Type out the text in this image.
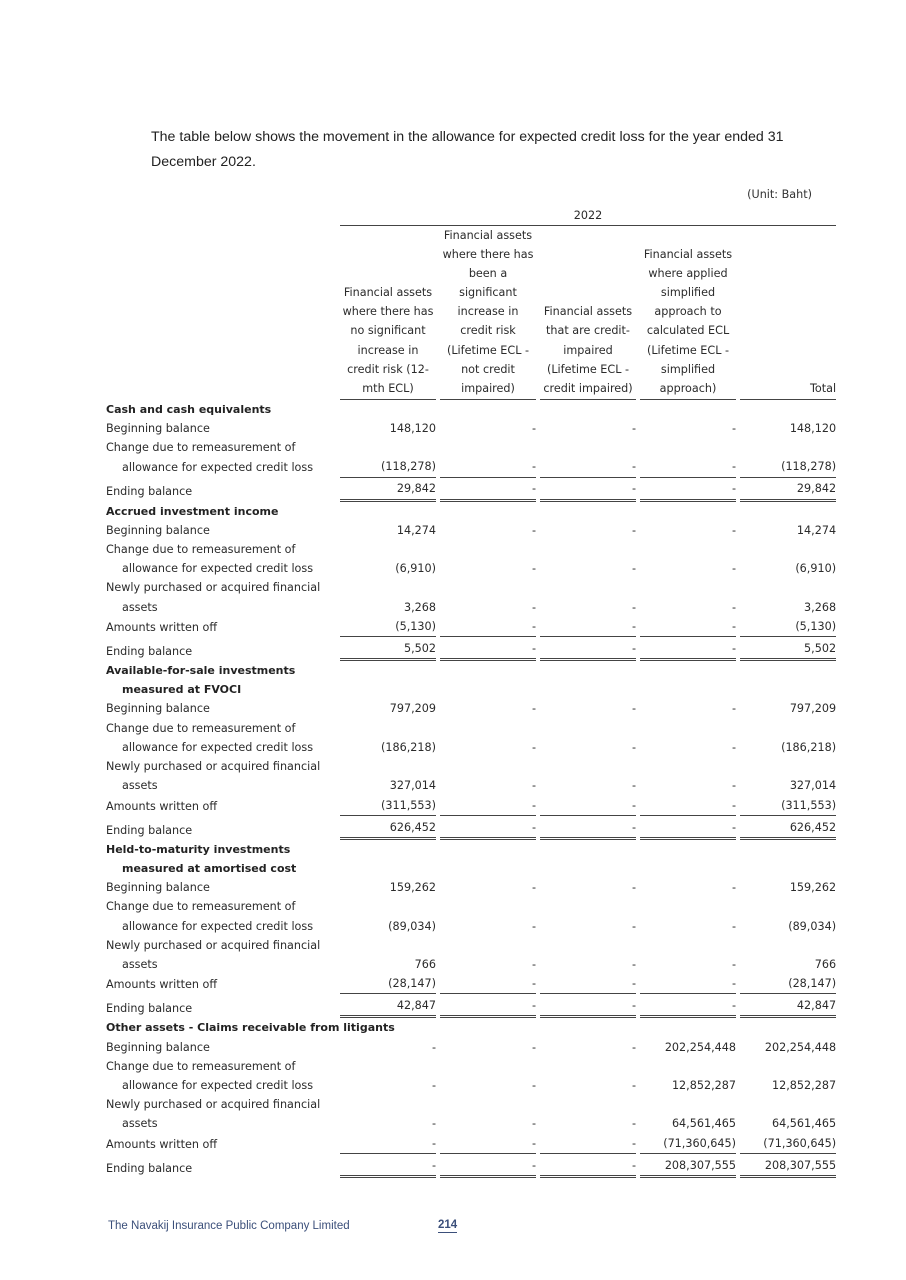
The table below shows the movement in the allowance for expected credit loss for the year ended 31 December 2022.
(Unit: Baht)
		2022								
		Financial assets where there has no significant increase in credit risk (12-mth ECL)		Financial assets where there has been a significant increase in credit risk (Lifetime ECL - not credit impaired)		Financial assets that are credit-impaired (Lifetime ECL - credit impaired)		Financial assets where applied simplified approach to calculated ECL (Lifetime ECL - simplified approach)		Total
Cash and cash equivalents										
Beginning balance		148,120		-		-		-		148,120
Change due to remeasurement of										
allowance for expected credit loss		(118,278)		-		-		-		(118,278)
Ending balance		29,842		-		-		-		29,842
Accrued investment income										
Beginning balance		14,274		-		-		-		14,274
Change due to remeasurement of										
allowance for expected credit loss		(6,910)		-		-		-		(6,910)
Newly purchased or acquired financial										
assets		3,268		-		-		-		3,268
Amounts written off		(5,130)		-		-		-		(5,130)
Ending balance		5,502		-		-		-		5,502
Available-for-sale investments										
measured at FVOCI										
Beginning balance		797,209		-		-		-		797,209
Change due to remeasurement of										
allowance for expected credit loss		(186,218)		-		-		-		(186,218)
Newly purchased or acquired financial										
assets		327,014		-		-		-		327,014
Amounts written off		(311,553)		-		-		-		(311,553)
Ending balance		626,452		-		-		-		626,452
Held-to-maturity investments										
measured at amortised cost										
Beginning balance		159,262		-		-		-		159,262
Change due to remeasurement of										
allowance for expected credit loss		(89,034)		-		-		-		(89,034)
Newly purchased or acquired financial										
assets		766		-		-		-		766
Amounts written off		(28,147)		-		-		-		(28,147)
Ending balance		42,847		-		-		-		42,847
Other assets - Claims receivable from litigants										
Beginning balance		-		-		-		202,254,448		202,254,448
Change due to remeasurement of										
allowance for expected credit loss		-		-		-		12,852,287		12,852,287
Newly purchased or acquired financial										
assets		-		-		-		64,561,465		64,561,465
Amounts written off		-		-		-		(71,360,645)		(71,360,645)
Ending balance		-		-		-		208,307,555		208,307,555
The Navakij Insurance Public Company Limited	214
